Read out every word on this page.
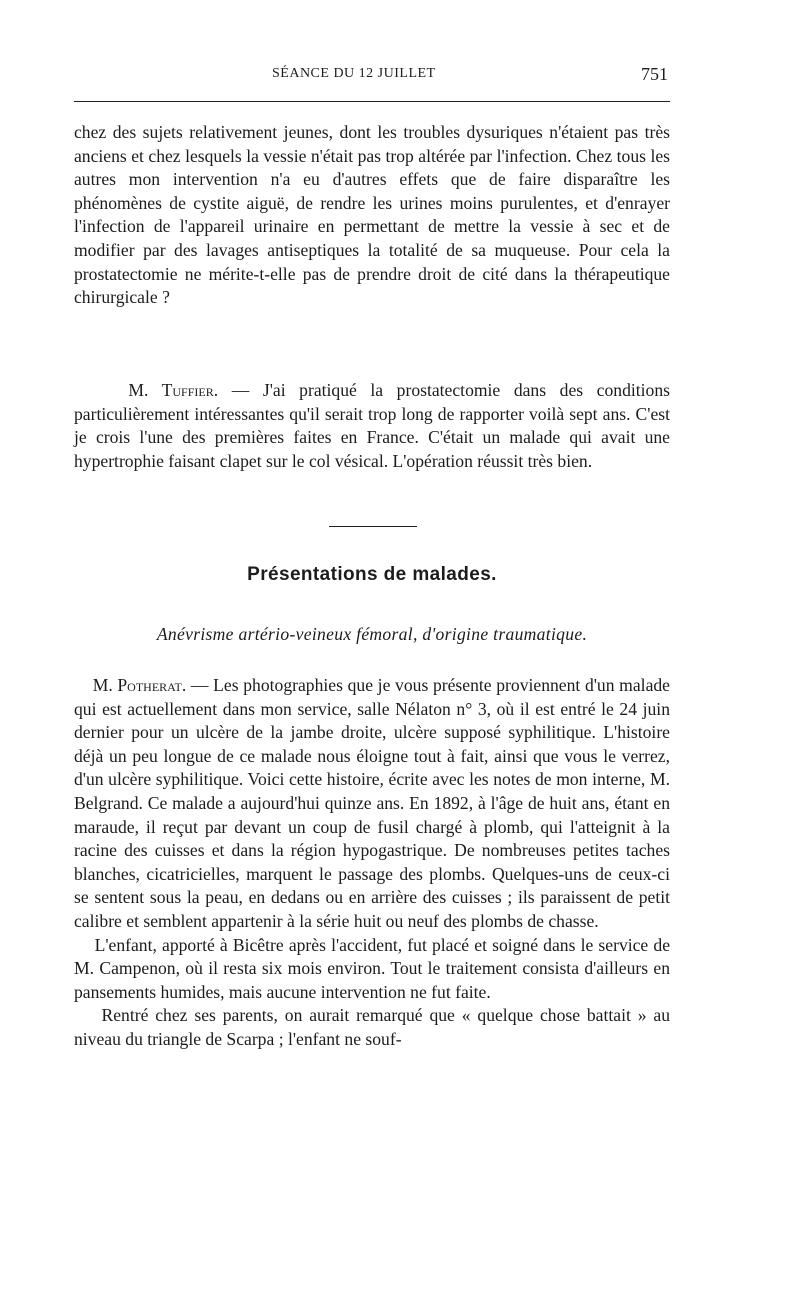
SÉANCE DU 12 JUILLET	751

chez des sujets relativement jeunes, dont les troubles dysuriques n'étaient pas très anciens et chez lesquels la vessie n'était pas trop altérée par l'infection. Chez tous les autres mon intervention n'a eu d'autres effets que de faire disparaître les phénomènes de cystite aiguë, de rendre les urines moins purulentes, et d'enrayer l'infection de l'appareil urinaire en permettant de mettre la vessie à sec et de modifier par des lavages antiseptiques la totalité de sa muqueuse. Pour cela la prostatectomie ne mérite-t-elle pas de prendre droit de cité dans la thérapeutique chirurgicale ?

M. Tuffier. — J'ai pratiqué la prostatectomie dans des conditions particulièrement intéressantes qu'il serait trop long de rapporter voilà sept ans. C'est je crois l'une des premières faites en France. C'était un malade qui avait une hypertrophie faisant clapet sur le col vésical. L'opération réussit très bien.

Présentations de malades.
Anévrisme artério-veineux fémoral, d'origine traumatique.

M. Potherat. — Les photographies que je vous présente proviennent d'un malade qui est actuellement dans mon service, salle Nélaton n° 3, où il est entré le 24 juin dernier pour un ulcère de la jambe droite, ulcère supposé syphilitique. L'histoire déjà un peu longue de ce malade nous éloigne tout à fait, ainsi que vous le verrez, d'un ulcère syphilitique. Voici cette histoire, écrite avec les notes de mon interne, M. Belgrand. Ce malade a aujourd'hui quinze ans. En 1892, à l'âge de huit ans, étant en maraude, il reçut par devant un coup de fusil chargé à plomb, qui l'atteignit à la racine des cuisses et dans la région hypogastrique. De nombreuses petites taches blanches, cicatricielles, marquent le passage des plombs. Quelques-uns de ceux-ci se sentent sous la peau, en dedans ou en arrière des cuisses ; ils paraissent de petit calibre et semblent appartenir à la série huit ou neuf des plombs de chasse.

L'enfant, apporté à Bicêtre après l'accident, fut placé et soigné dans le service de M. Campenon, où il resta six mois environ. Tout le traitement consista d'ailleurs en pansements humides, mais aucune intervention ne fut faite.

Rentré chez ses parents, on aurait remarqué que « quelque chose battait » au niveau du triangle de Scarpa ; l'enfant ne souf-
